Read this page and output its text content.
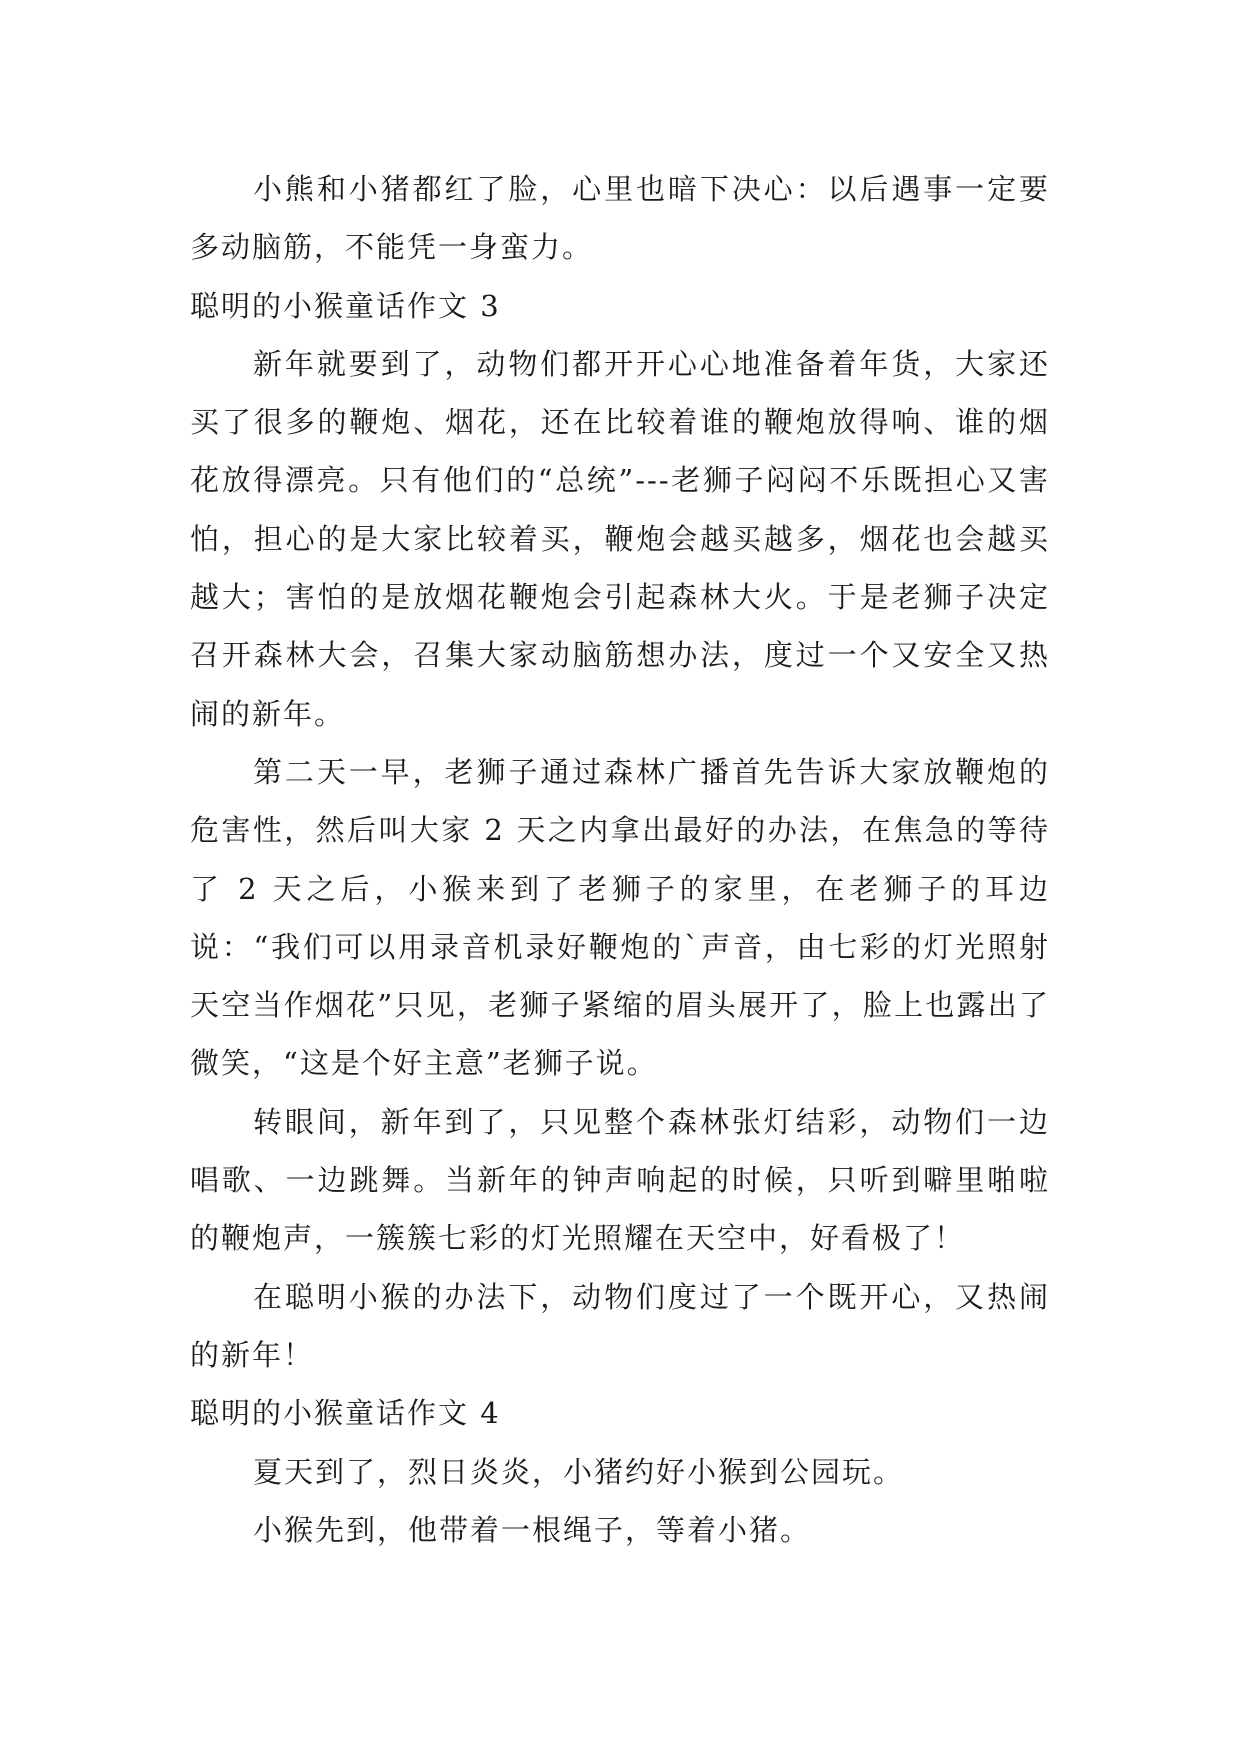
小熊和小猪都红了脸，心里也暗下决心：以后遇事一定要多动脑筋，不能凭一身蛮力。

聪明的小猴童话作文 3

新年就要到了，动物们都开开心心地准备着年货，大家还买了很多的鞭炮、烟花，还在比较着谁的鞭炮放得响、谁的烟花放得漂亮。只有他们的“总统”---老狮子闷闷不乐既担心又害怕，担心的是大家比较着买，鞭炮会越买越多，烟花也会越买越大；害怕的是放烟花鞭炮会引起森林大火。于是老狮子决定召开森林大会，召集大家动脑筋想办法，度过一个又安全又热闹的新年。

第二天一早，老狮子通过森林广播首先告诉大家放鞭炮的危害性，然后叫大家 2 天之内拿出最好的办法，在焦急的等待了 2 天之后，小猴来到了老狮子的家里，在老狮子的耳边说：“我们可以用录音机录好鞭炮的`声音，由七彩的灯光照射天空当作烟花”只见，老狮子紧缩的眉头展开了，脸上也露出了微笑，“这是个好主意”老狮子说。

转眼间，新年到了，只见整个森林张灯结彩，动物们一边唱歌、一边跳舞。当新年的钟声响起的时候，只听到噼里啪啦的鞭炮声，一簇簇七彩的灯光照耀在天空中，好看极了！

在聪明小猴的办法下，动物们度过了一个既开心，又热闹的新年！

聪明的小猴童话作文 4

夏天到了，烈日炎炎，小猪约好小猴到公园玩。

小猴先到，他带着一根绳子，等着小猪。
